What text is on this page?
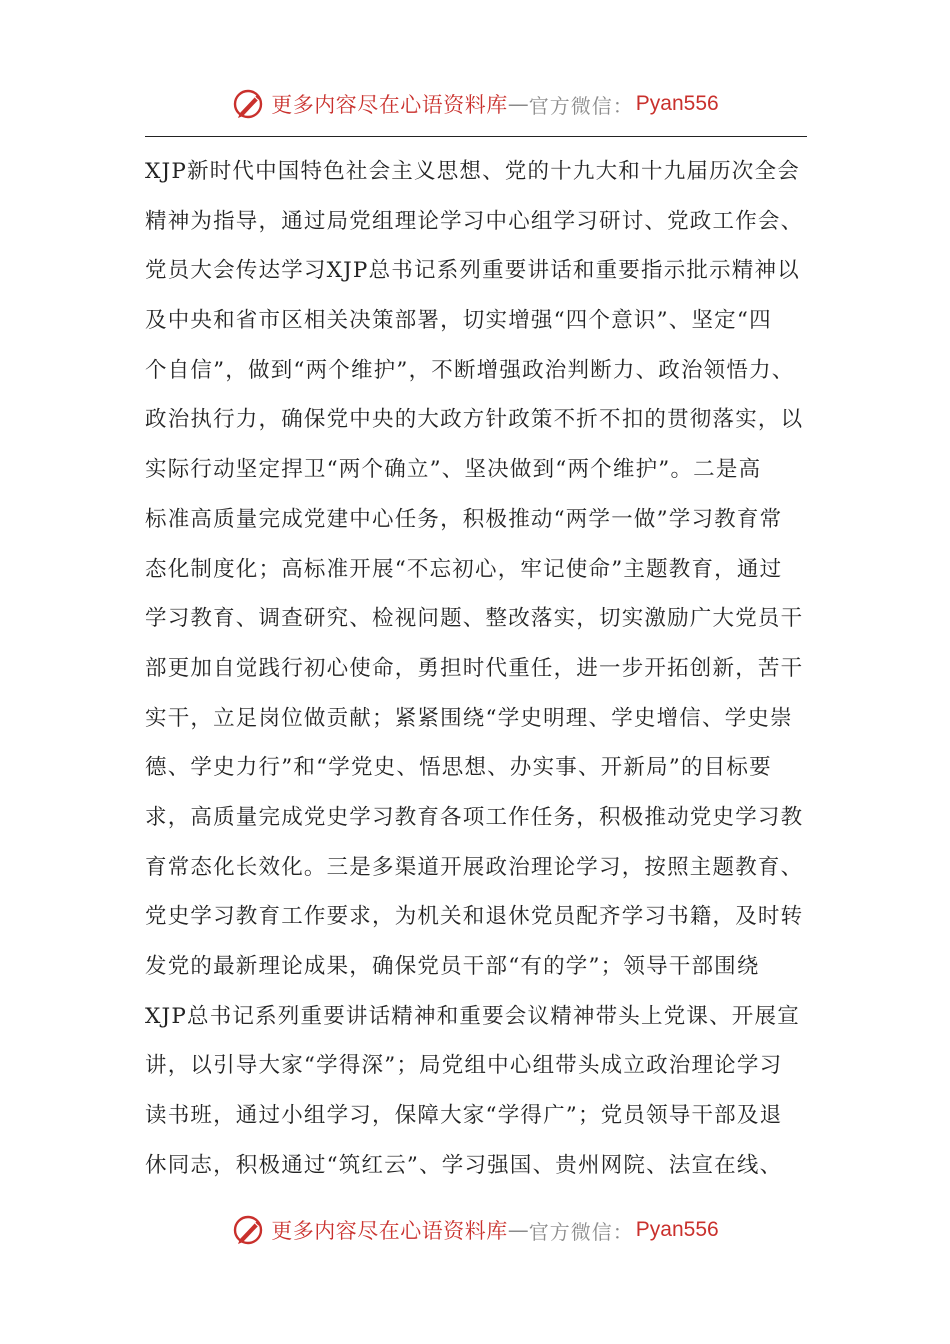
更多内容尽在心语资料库 — 官方微信： Pyan556
XJP新时代中国特色社会主义思想、党的十九大和十九届历次全会
精神为指导，通过局党组理论学习中心组学习研讨、党政工作会、
党员大会传达学习XJP总书记系列重要讲话和重要指示批示精神以
及中央和省市区相关决策部署，切实增强“四个意识”、坚定“四
个自信”，做到“两个维护”，不断增强政治判断力、政治领悟力、
政治执行力，确保党中央的大政方针政策不折不扣的贯彻落实，以
实际行动坚定捍卫“两个确立”、坚决做到“两个维护”。二是高
标准高质量完成党建中心任务，积极推动“两学一做”学习教育常
态化制度化；高标准开展“不忘初心，牢记使命”主题教育，通过
学习教育、调查研究、检视问题、整改落实，切实激励广大党员干
部更加自觉践行初心使命，勇担时代重任，进一步开拓创新，苦干
实干，立足岗位做贡献；紧紧围绕“学史明理、学史增信、学史崇
德、学史力行”和“学党史、悟思想、办实事、开新局”的目标要
求，高质量完成党史学习教育各项工作任务，积极推动党史学习教
育常态化长效化。三是多渠道开展政治理论学习，按照主题教育、
党史学习教育工作要求，为机关和退休党员配齐学习书籍，及时转
发党的最新理论成果，确保党员干部“有的学”；领导干部围绕
XJP总书记系列重要讲话精神和重要会议精神带头上党课、开展宣
讲，以引导大家“学得深”；局党组中心组带头成立政治理论学习
读书班，通过小组学习，保障大家“学得广”；党员领导干部及退
休同志，积极通过“筑红云”、学习强国、贵州网院、法宣在线、
更多内容尽在心语资料库 — 官方微信： Pyan556
